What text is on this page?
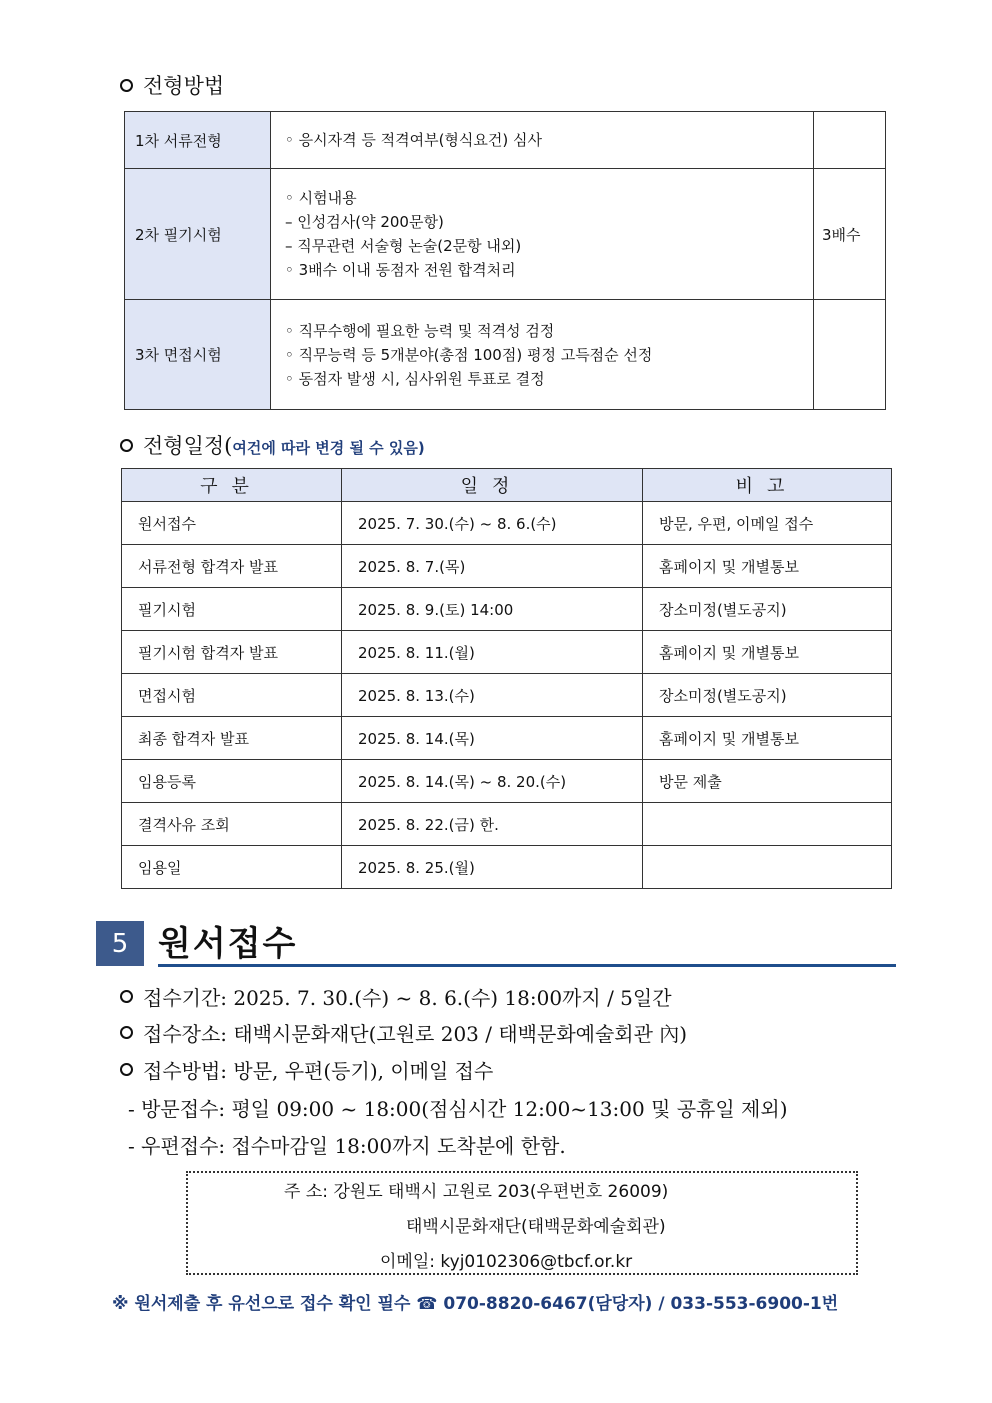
전형방법
1차 서류전형	◦ 응시자격 등 적격여부(형식요건) 심사	

2차 필기시험	◦ 시험내용
– 인성검사(약 200문항)
– 직무관련 서술형 논술(2문항 내외)
◦ 3배수 이내 동점자 전원 합격처리	3배수
3차 면접시험	◦ 직무수행에 필요한 능력 및 적격성 검정
◦ 직무능력 등 5개분야(총점 100점) 평정 고득점순 선정
◦ 동점자 발생 시, 심사위원 투표로 결정	

전형일정(여건에 따라 변경 될 수 있음)
구분	일정	비고
원서접수	2025. 7. 30.(수) ~ 8. 6.(수)	방문, 우편, 이메일 접수
서류전형 합격자 발표	2025. 8. 7.(목)	홈페이지 및 개별통보
필기시험	2025. 8. 9.(토) 14:00	장소미정(별도공지)
필기시험 합격자 발표	2025. 8. 11.(월)	홈페이지 및 개별통보
면접시험	2025. 8. 13.(수)	장소미정(별도공지)
최종 합격자 발표	2025. 8. 14.(목)	홈페이지 및 개별통보
임용등록	2025. 8. 14.(목) ~ 8. 20.(수)	방문 제출
결격사유 조회	2025. 8. 22.(금) 한.	
임용일	2025. 8. 25.(월)	
5 원서접수
접수기간: 2025. 7. 30.(수) ~ 8. 6.(수) 18:00까지 / 5일간
접수장소: 태백시문화재단(고원로 203 / 태백문화예술회관 內)
접수방법: 방문, 우편(등기), 이메일 접수
- 방문접수: 평일 09:00 ~ 18:00(점심시간 12:00~13:00 및 공휴일 제외)
- 우편접수: 접수마감일 18:00까지 도착분에 한함.
주 소: 강원도 태백시 고원로 203(우편번호 26009)
태백시문화재단(태백문화예술회관)
이메일: kyj0102306@tbcf.or.kr
※ 원서제출 후 유선으로 접수 확인 필수 ☎ 070-8820-6467(담당자) / 033-553-6900-1번
